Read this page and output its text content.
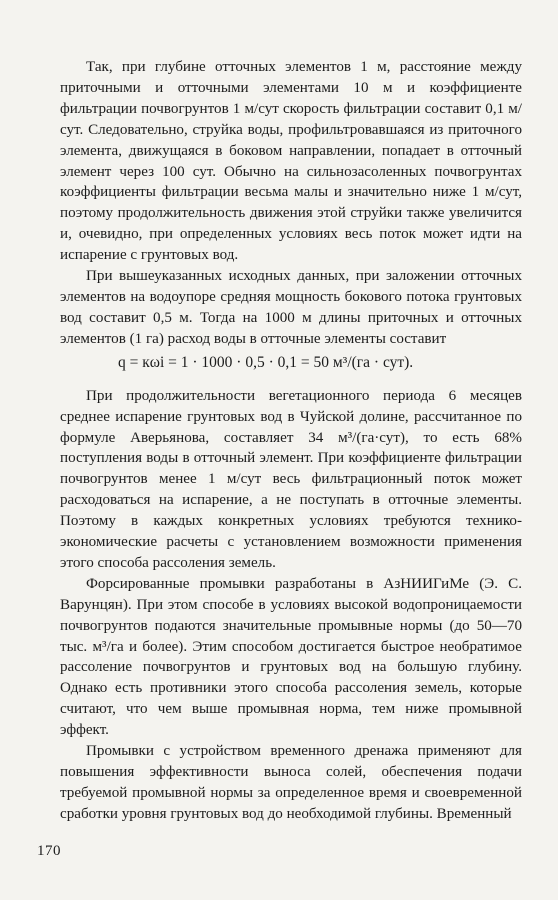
Так, при глубине отточных элементов 1 м, расстояние между приточными и отточными элементами 10 м и коэффициенте фильтрации почвогрунтов 1 м/сут скорость фильтрации составит 0,1 м/сут. Следовательно, струйка воды, профильтровавшаяся из приточного элемента, движущаяся в боковом направлении, попадает в отточный элемент через 100 сут. Обычно на сильнозасоленных почвогрунтах коэффициенты фильтрации весьма малы и значительно ниже 1 м/сут, поэтому продолжительность движения этой струйки также увеличится и, очевидно, при определенных условиях весь поток может идти на испарение с грунтовых вод.

При вышеуказанных исходных данных, при заложении отточных элементов на водоупоре средняя мощность бокового потока грунтовых вод составит 0,5 м. Тогда на 1000 м длины приточных и отточных элементов (1 га) расход воды в отточные элементы составит

q = кωi = 1 · 1000 · 0,5 · 0,1 = 50 м³/(га · сут).

При продолжительности вегетационного периода 6 месяцев среднее испарение грунтовых вод в Чуйской долине, рассчитанное по формуле Аверьянова, составляет 34 м³/(га·сут), то есть 68% поступления воды в отточный элемент. При коэффициенте фильтрации почвогрунтов менее 1 м/сут весь фильтрационный поток может расходоваться на испарение, а не поступать в отточные элементы. Поэтому в каждых конкретных условиях требуются технико-экономические расчеты с установлением возможности применения этого способа рассоления земель.

Форсированные промывки разработаны в АзНИИГиМе (Э. С. Варунцян). При этом способе в условиях высокой водопроницаемости почвогрунтов подаются значительные промывные нормы (до 50—70 тыс. м³/га и более). Этим способом достигается быстрое необратимое рассоление почвогрунтов и грунтовых вод на большую глубину. Однако есть противники этого способа рассоления земель, которые считают, что чем выше промывная норма, тем ниже промывной эффект.

Промывки с устройством временного дренажа применяют для повышения эффективности выноса солей, обеспечения подачи требуемой промывной нормы за определенное время и своевременной сработки уровня грунтовых вод до необходимой глубины. Временный

170
